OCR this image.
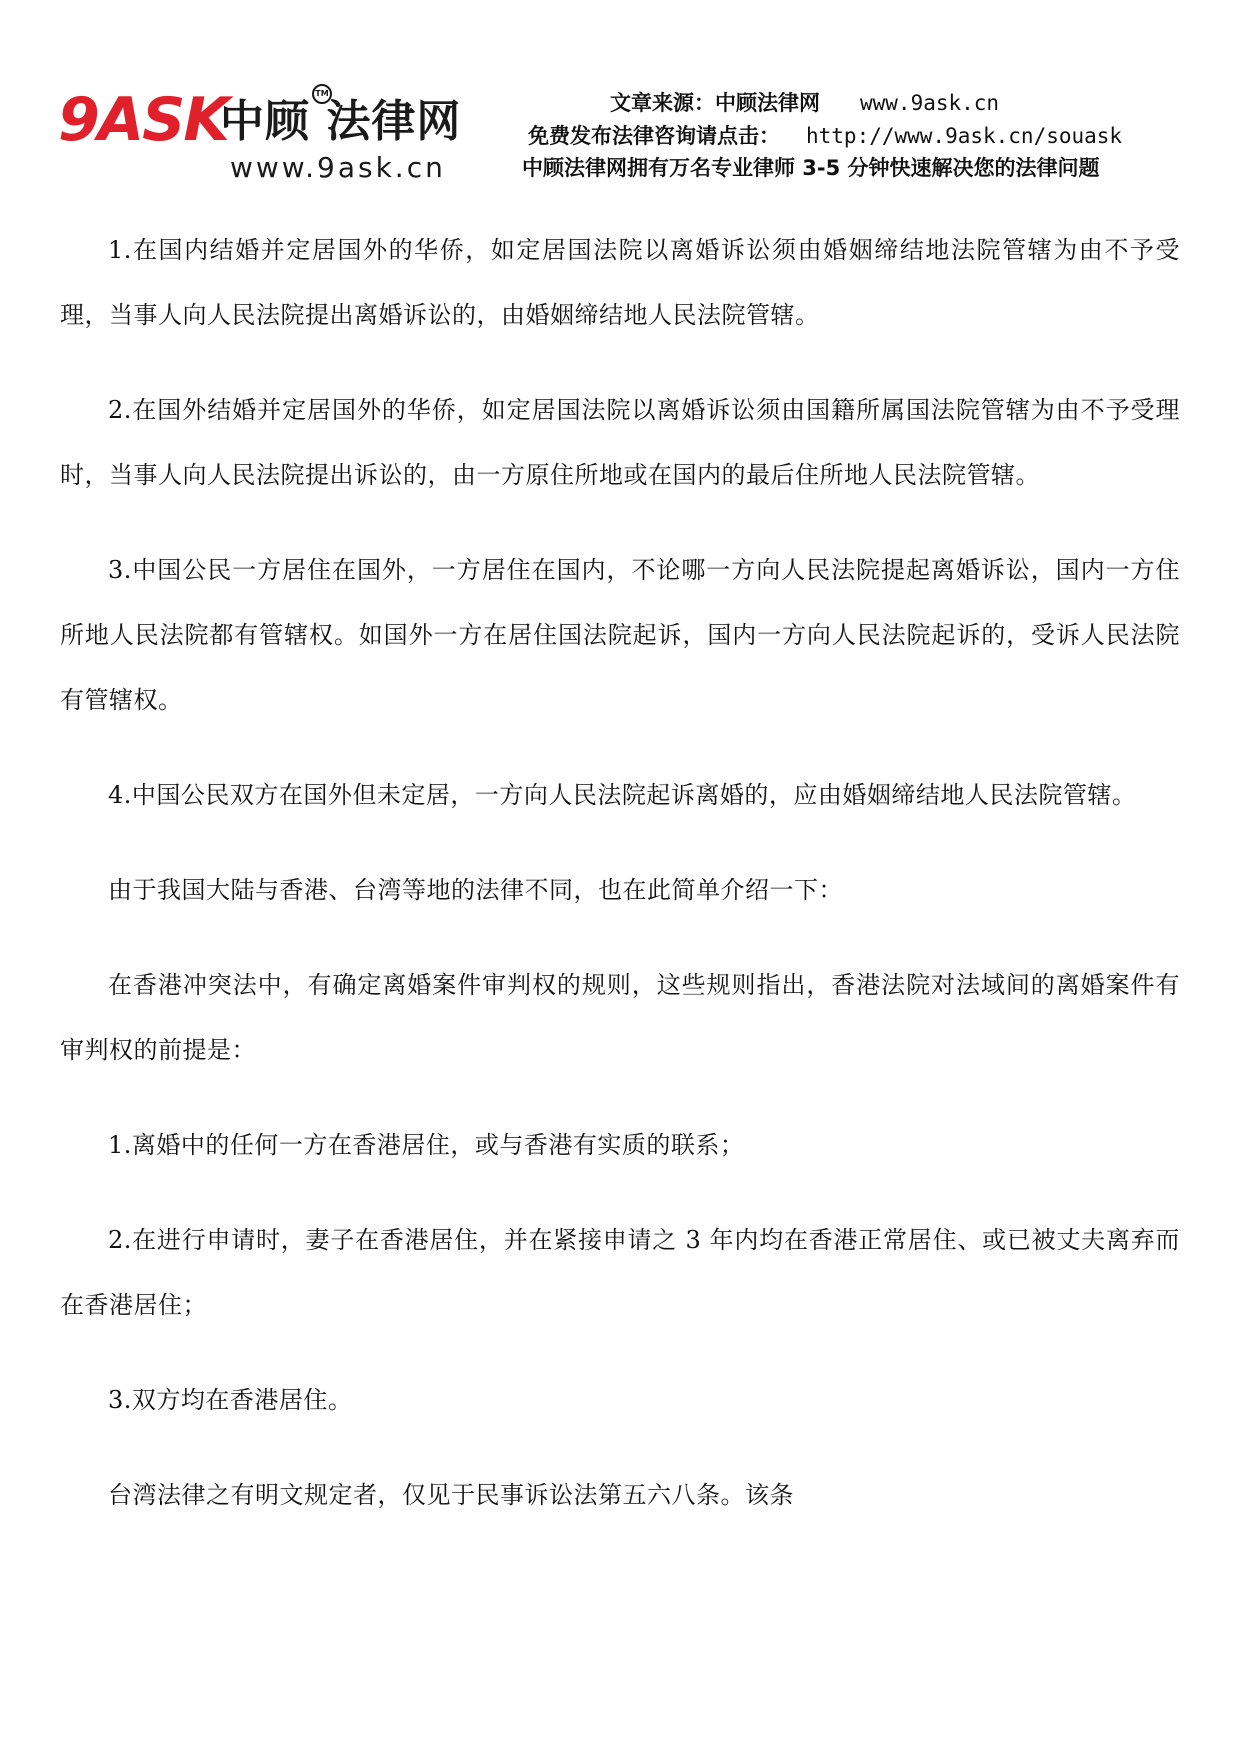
9ASK
中顾 法律网
TM
www.9ask.cn
文章来源：中顾法律网 www.9ask.cn
免费发布法律咨询请点击： http://www.9ask.cn/souask
中顾法律网拥有万名专业律师 3-5 分钟快速解决您的法律问题

1.在国内结婚并定居国外的华侨，如定居国法院以离婚诉讼须由婚姻缔结地法院管辖为由不予受理，当事人向人民法院提出离婚诉讼的，由婚姻缔结地人民法院管辖。

2.在国外结婚并定居国外的华侨，如定居国法院以离婚诉讼须由国籍所属国法院管辖为由不予受理时，当事人向人民法院提出诉讼的，由一方原住所地或在国内的最后住所地人民法院管辖。

3.中国公民一方居住在国外，一方居住在国内，不论哪一方向人民法院提起离婚诉讼，国内一方住所地人民法院都有管辖权。如国外一方在居住国法院起诉，国内一方向人民法院起诉的，受诉人民法院有管辖权。

4.中国公民双方在国外但未定居，一方向人民法院起诉离婚的，应由婚姻缔结地人民法院管辖。

由于我国大陆与香港、台湾等地的法律不同，也在此简单介绍一下：

在香港冲突法中，有确定离婚案件审判权的规则，这些规则指出，香港法院对法域间的离婚案件有审判权的前提是：

1.离婚中的任何一方在香港居住，或与香港有实质的联系；

2.在进行申请时，妻子在香港居住，并在紧接申请之 3 年内均在香港正常居住、或已被丈夫离弃而在香港居住；

3.双方均在香港居住。

台湾法律之有明文规定者，仅见于民事诉讼法第五六八条。该条
